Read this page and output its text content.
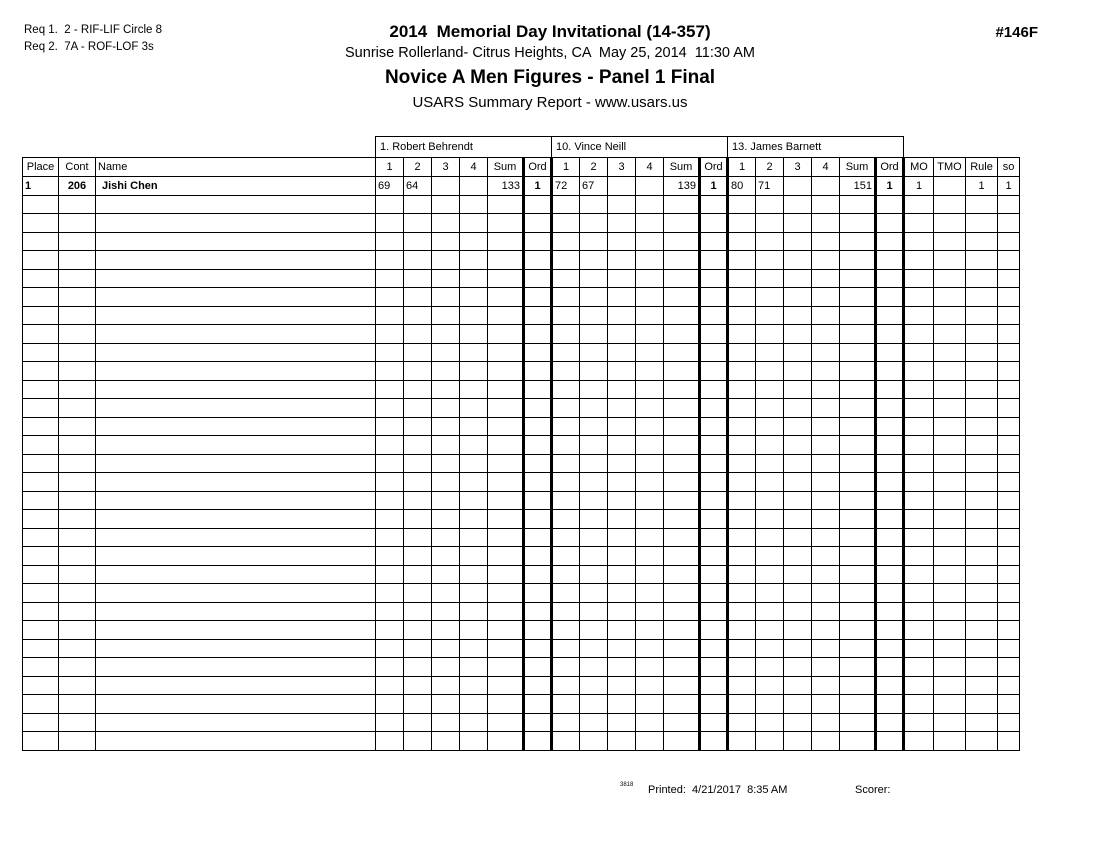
Req 1.  2 - RIF-LIF Circle 8
Req 2.  7A - ROF-LOF 3s
2014  Memorial Day Invitational (14-357)
Sunrise Rollerland- Citrus Heights, CA  May 25, 2014  11:30 AM
Novice A Men Figures - Panel 1 Final
USARS Summary Report - www.usars.us
#146F
			1. Robert Behrendt						10. Vince Neill						13. James Barnett									
Place	Cont	Name	1	2	3	4	Sum	Ord	1	2	3	4	Sum	Ord	1	2	3	4	Sum	Ord	MO	TMO	Rule	so
1	206	Jishi Chen	69	64			133	1	72	67			139	1	80	71			151	1	1		1	1

3818 Printed:  4/21/2017  8:35 AM	Scorer:
